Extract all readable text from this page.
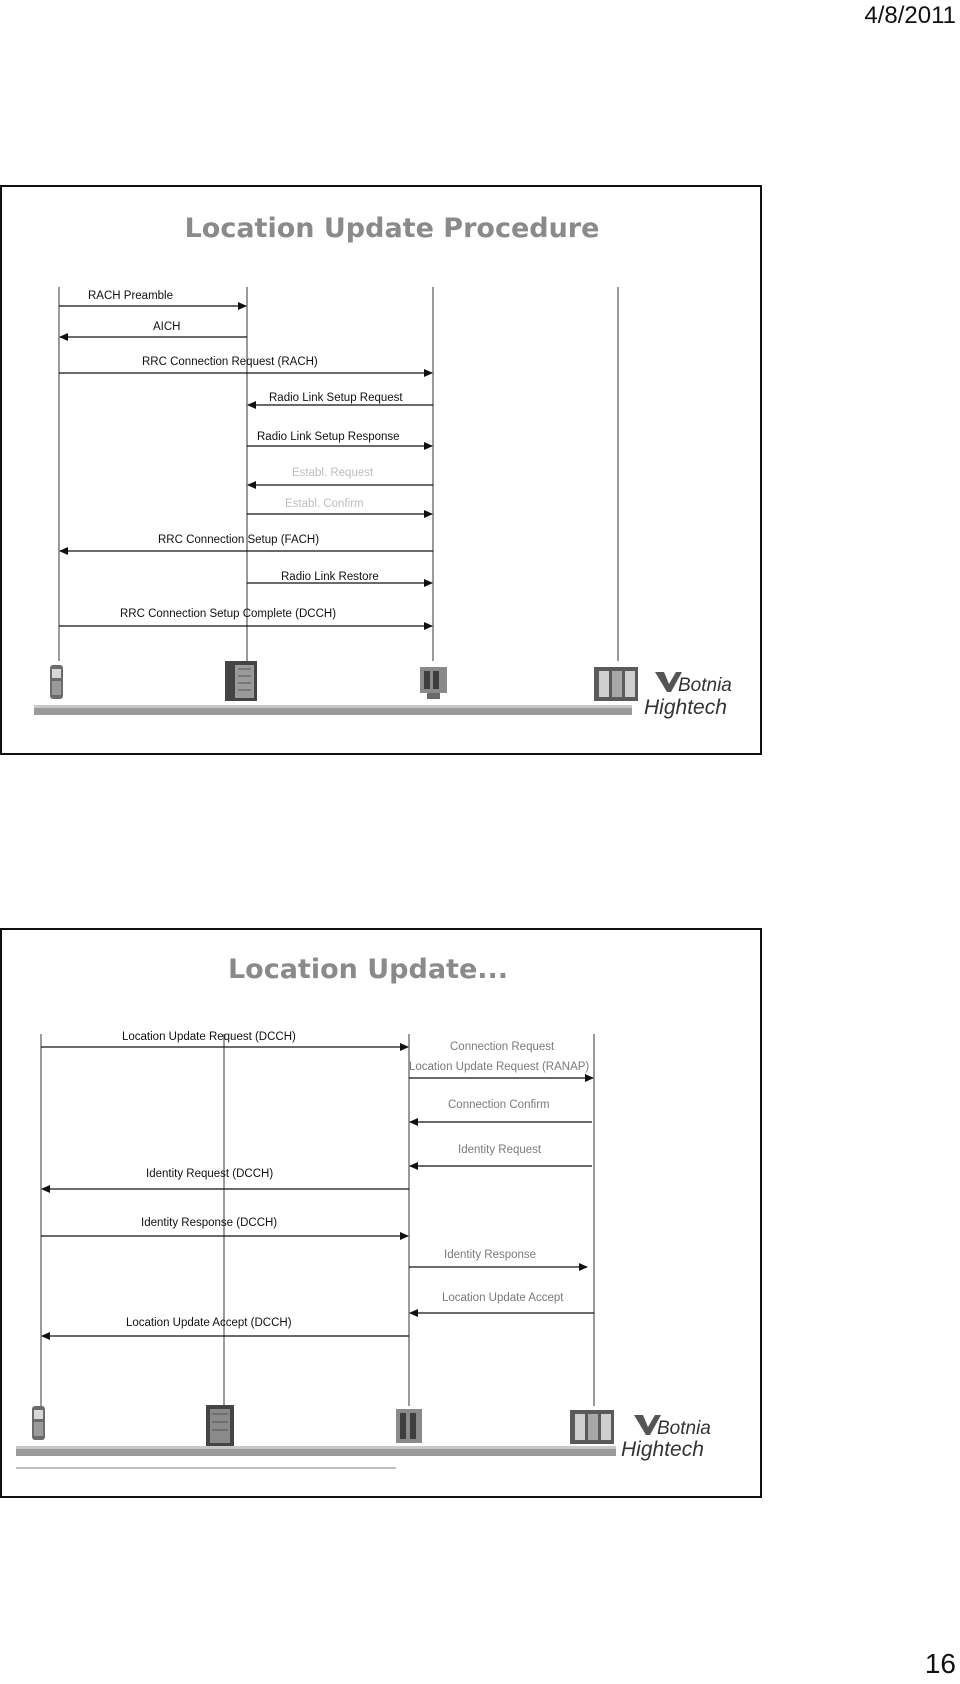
4/8/2011
Location Update Procedure
RACH Preamble
AICH
RRC Connection Request (RACH)
Radio Link Setup Request
Radio Link Setup Response
Establ. Request
Establ. Confirm
RRC Connection Setup (FACH)
Radio Link Restore
RRC Connection Setup Complete (DCCH)
Botnia
Hightech
Location Update...
Location Update Request (DCCH)
Connection Request
Location Update Request (RANAP)
Connection Confirm
Identity Request
Identity Request (DCCH)
Identity Response (DCCH)
Identity Response
Location Update Accept
Location Update Accept (DCCH)
Botnia
Hightech
16
